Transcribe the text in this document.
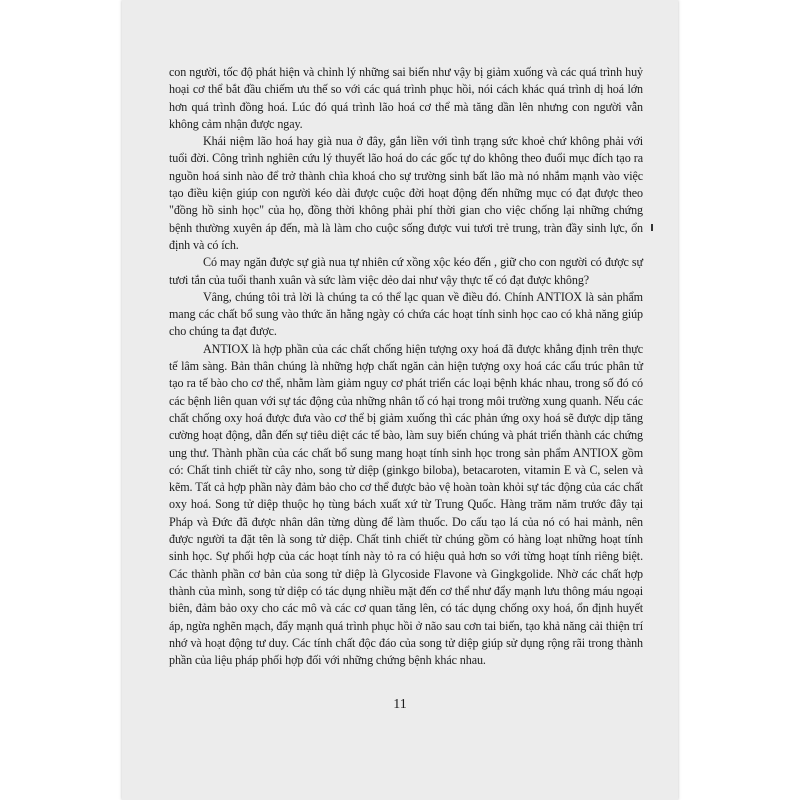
con người, tốc độ phát hiện và chỉnh lý những sai biến như vậy bị giảm xuống và các quá trình huỷ hoại cơ thể bắt đầu chiếm ưu thế so với các quá trình phục hồi, nói cách khác quá trình dị hoá lớn hơn quá trình đồng hoá. Lúc đó quá trình lão hoá cơ thể mà tăng dần lên nhưng con người vẫn không cảm nhận được ngay.

Khái niệm lão hoá hay già nua ở đây, gắn liền với tình trạng sức khoẻ chứ không phải với tuổi đời. Công trình nghiên cứu lý thuyết lão hoá do các gốc tự do không theo đuổi mục đích tạo ra nguồn hoá sinh nào để trở thành chìa khoá cho sự trường sinh bất lão mà nó nhắm mạnh vào việc tạo điều kiện giúp con người kéo dài được cuộc đời hoạt động đến những mục có đạt được theo "đồng hồ sinh học" của họ, đồng thời không phải phí thời gian cho việc chống lại những chứng bệnh thường xuyên áp đến, mà là làm cho cuộc sống được vui tươi trẻ trung, tràn đầy sinh lực, ổn định và có ích.

Có may ngăn được sự già nua tự nhiên cứ xồng xộc kéo đến , giữ cho con người có được sự tươi tắn của tuổi thanh xuân và sức làm việc dẻo dai như vậy thực tế có đạt được không?

Vâng, chúng tôi trả lời là chúng ta có thể lạc quan về điều đó. Chính ANTIOX là sản phẩm mang các chất bổ sung vào thức ăn hằng ngày có chứa các hoạt tính sinh học cao có khả năng giúp cho chúng ta đạt được.

ANTIOX là hợp phần của các chất chống hiện tượng oxy hoá đã được khẳng định trên thực tế lâm sàng. Bản thân chúng là những hợp chất ngăn cản hiện tượng oxy hoá các cấu trúc phân tử tạo ra tế bào cho cơ thể, nhằm làm giảm nguy cơ phát triển các loại bệnh khác nhau, trong số đó có các bệnh liên quan với sự tác động của những nhân tố có hại trong môi trường xung quanh. Nếu các chất chống oxy hoá được đưa vào cơ thể bị giảm xuống thì các phản ứng oxy hoá sẽ được dịp tăng cường hoạt động, dẫn đến sự tiêu diệt các tế bào, làm suy biến chúng và phát triển thành các chứng ung thư. Thành phần của các chất bổ sung mang hoạt tính sinh học trong sản phẩm ANTIOX gồm có: Chất tinh chiết từ cây nho, song tử diệp (ginkgo biloba), betacaroten, vitamin E và C, selen và kẽm. Tất cả hợp phần này đảm bảo cho cơ thể được bảo vệ hoàn toàn khỏi sự tác động của các chất oxy hoá. Song tử diệp thuộc họ tùng bách xuất xứ từ Trung Quốc. Hàng trăm năm trước đây tại Pháp và Đức đã được nhân dân từng dùng để làm thuốc. Do cấu tạo lá của nó có hai mảnh, nên được người ta đặt tên là song tử diệp. Chất tinh chiết từ chúng gồm có hàng loạt những hoạt tính sinh học. Sự phối hợp của các hoạt tính này tỏ ra có hiệu quả hơn so với từng hoạt tính riêng biệt. Các thành phần cơ bản của song tử diệp là Glycoside Flavone và Gingkgolide. Nhờ các chất hợp thành của mình, song tử diệp có tác dụng nhiều mặt đến cơ thể như đẩy mạnh lưu thông máu ngoại biên, đảm bảo oxy cho các mô và các cơ quan tăng lên, có tác dụng chống oxy hoá, ổn định huyết áp, ngừa nghẽn mạch, đẩy mạnh quá trình phục hồi ở não sau cơn tai biến, tạo khả năng cải thiện trí nhớ và hoạt động tư duy. Các tính chất độc đáo của song tử diệp giúp sử dụng rộng rãi trong thành phần của liệu pháp phối hợp đối với những chứng bệnh khác nhau.

11
